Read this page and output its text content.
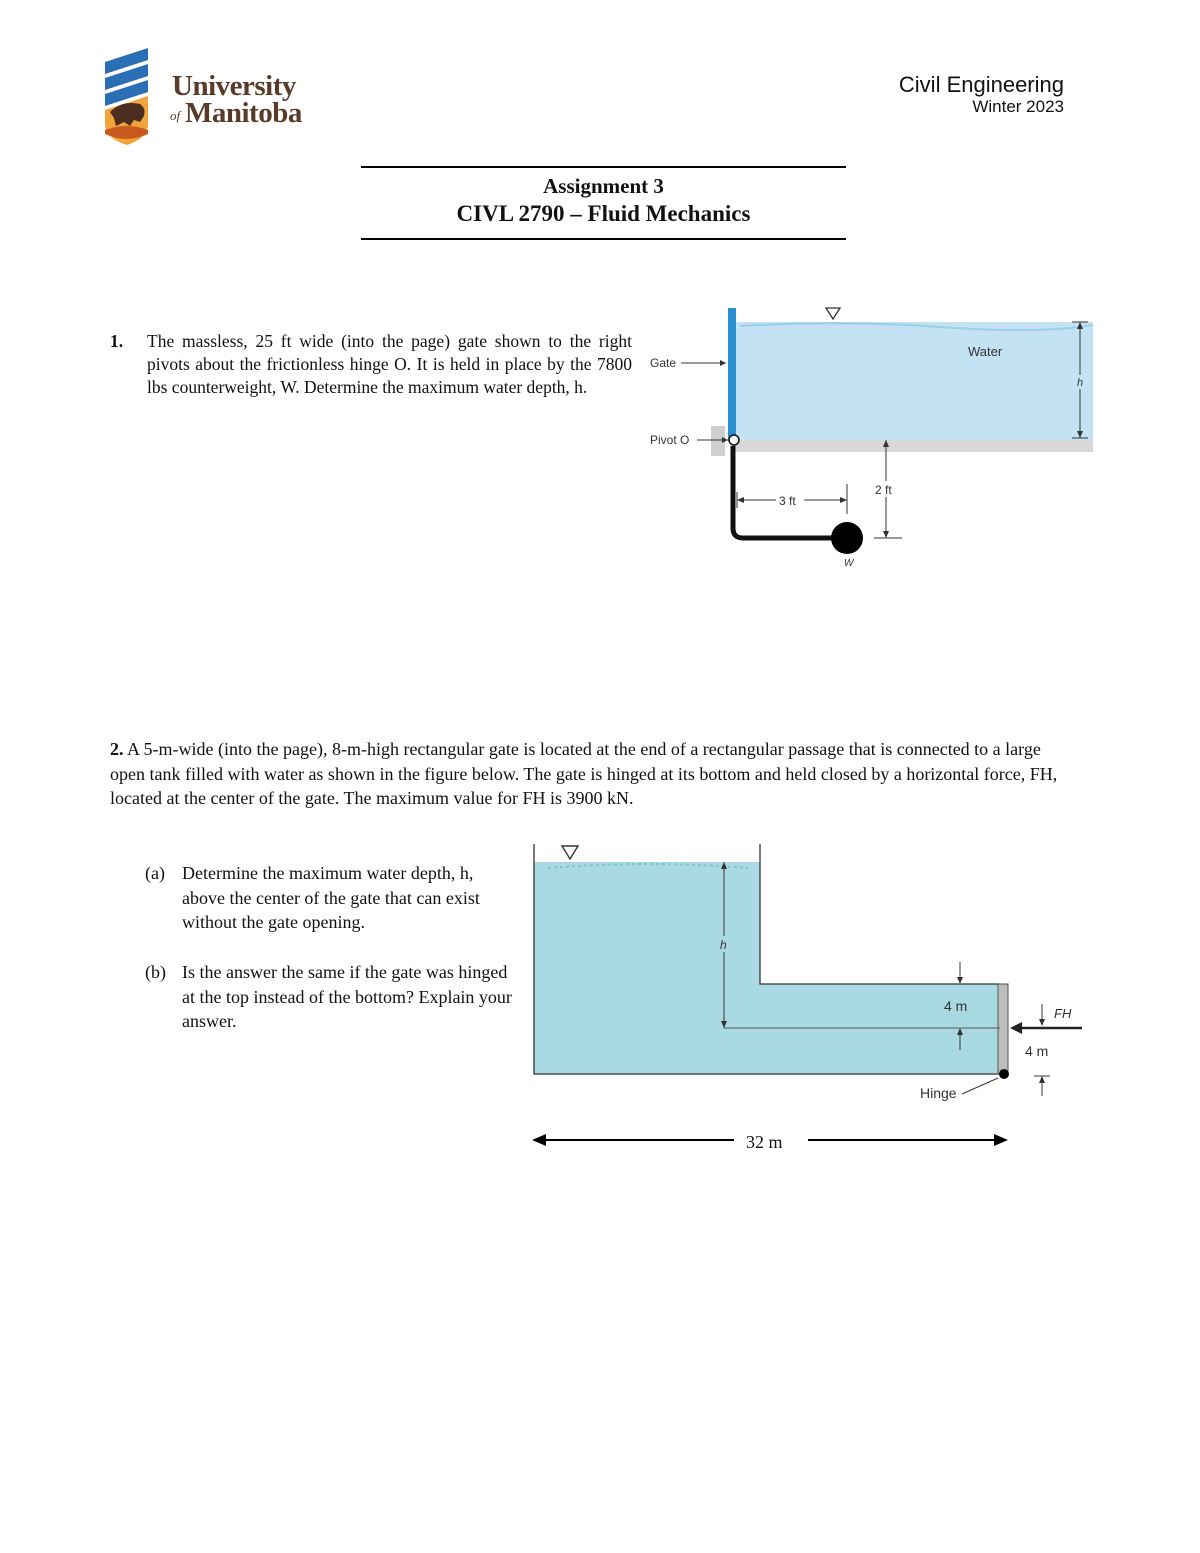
University
of Manitoba
Civil Engineering
Winter 2023
Assignment 3
CIVL 2790 – Fluid Mechanics
1. The massless, 25 ft wide (into the page) gate shown to the right pivots about the frictionless hinge O. It is held in place by the 7800 lbs counterweight, W. Determine the maximum water depth, h.
Gate
Pivot O
Water
h
3 ft
2 ft
W
2. A 5-m-wide (into the page), 8-m-high rectangular gate is located at the end of a rectangular passage that is connected to a large open tank filled with water as shown in the figure below. The gate is hinged at its bottom and held closed by a horizontal force, FH, located at the center of the gate. The maximum value for FH is 3900 kN.
(a) Determine the maximum water depth, h, above the center of the gate that can exist without the gate opening.
(b) Is the answer the same if the gate was hinged at the top instead of the bottom? Explain your answer.
h
4 m	FH
4 m
Hinge
32 m
